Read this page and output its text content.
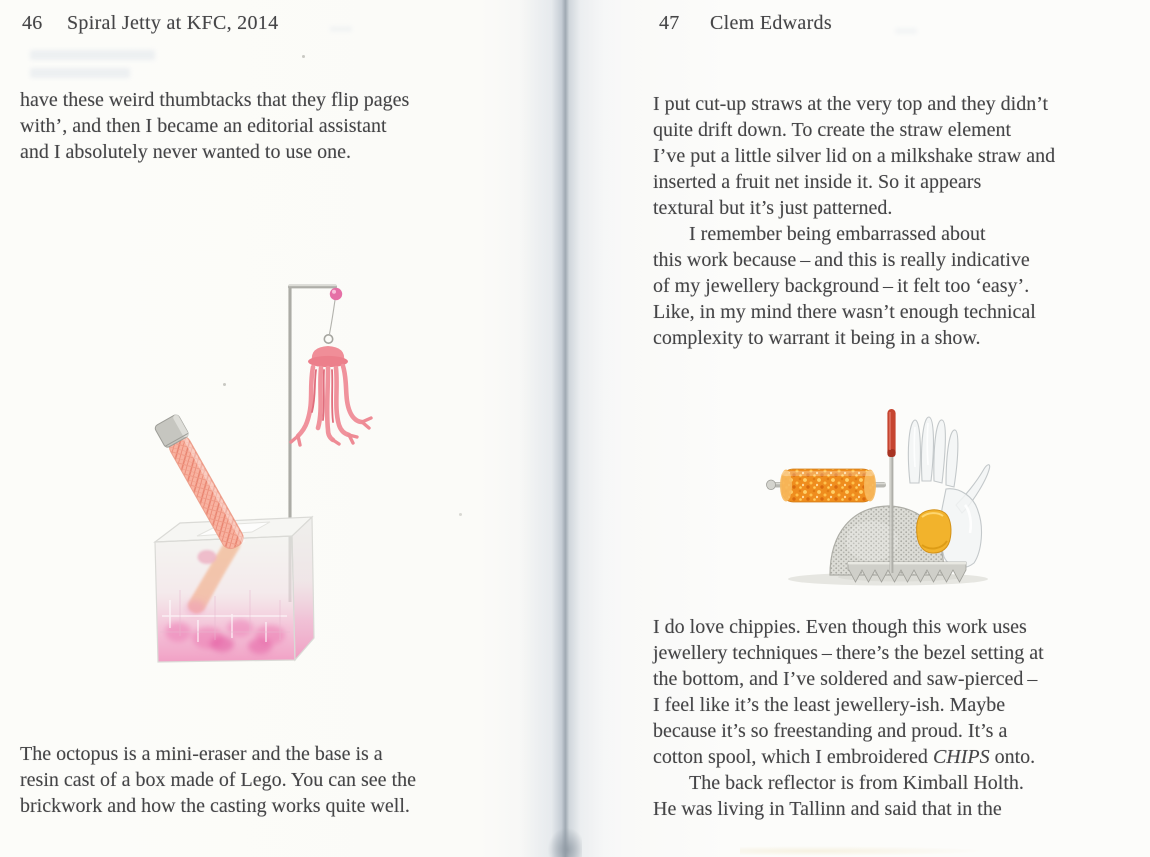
46 Spiral Jetty at KFC, 2014
have these weird thumbtacks that they flip pages
with’, and then I became an editorial assistant
and I absolutely never wanted to use one.
The octopus is a mini-eraser and the base is a
resin cast of a box made of Lego. You can see the
brickwork and how the casting works quite well.
47 Clem Edwards
I put cut-up straws at the very top and they didn’t
quite drift down. To create the straw element
I’ve put a little silver lid on a milkshake straw and
inserted a fruit net inside it. So it appears
textural but it’s just patterned.
I remember being embarrassed about
this work because – and this is really indicative
of my jewellery background – it felt too ‘easy’.
Like, in my mind there wasn’t enough technical
complexity to warrant it being in a show.
I do love chippies. Even though this work uses
jewellery techniques – there’s the bezel setting at
the bottom, and I’ve soldered and saw-pierced –
I feel like it’s the least jewellery-ish. Maybe
because it’s so freestanding and proud. It’s a
cotton spool, which I embroidered CHIPS onto.
The back reflector is from Kimball Holth.
He was living in Tallinn and said that in the
